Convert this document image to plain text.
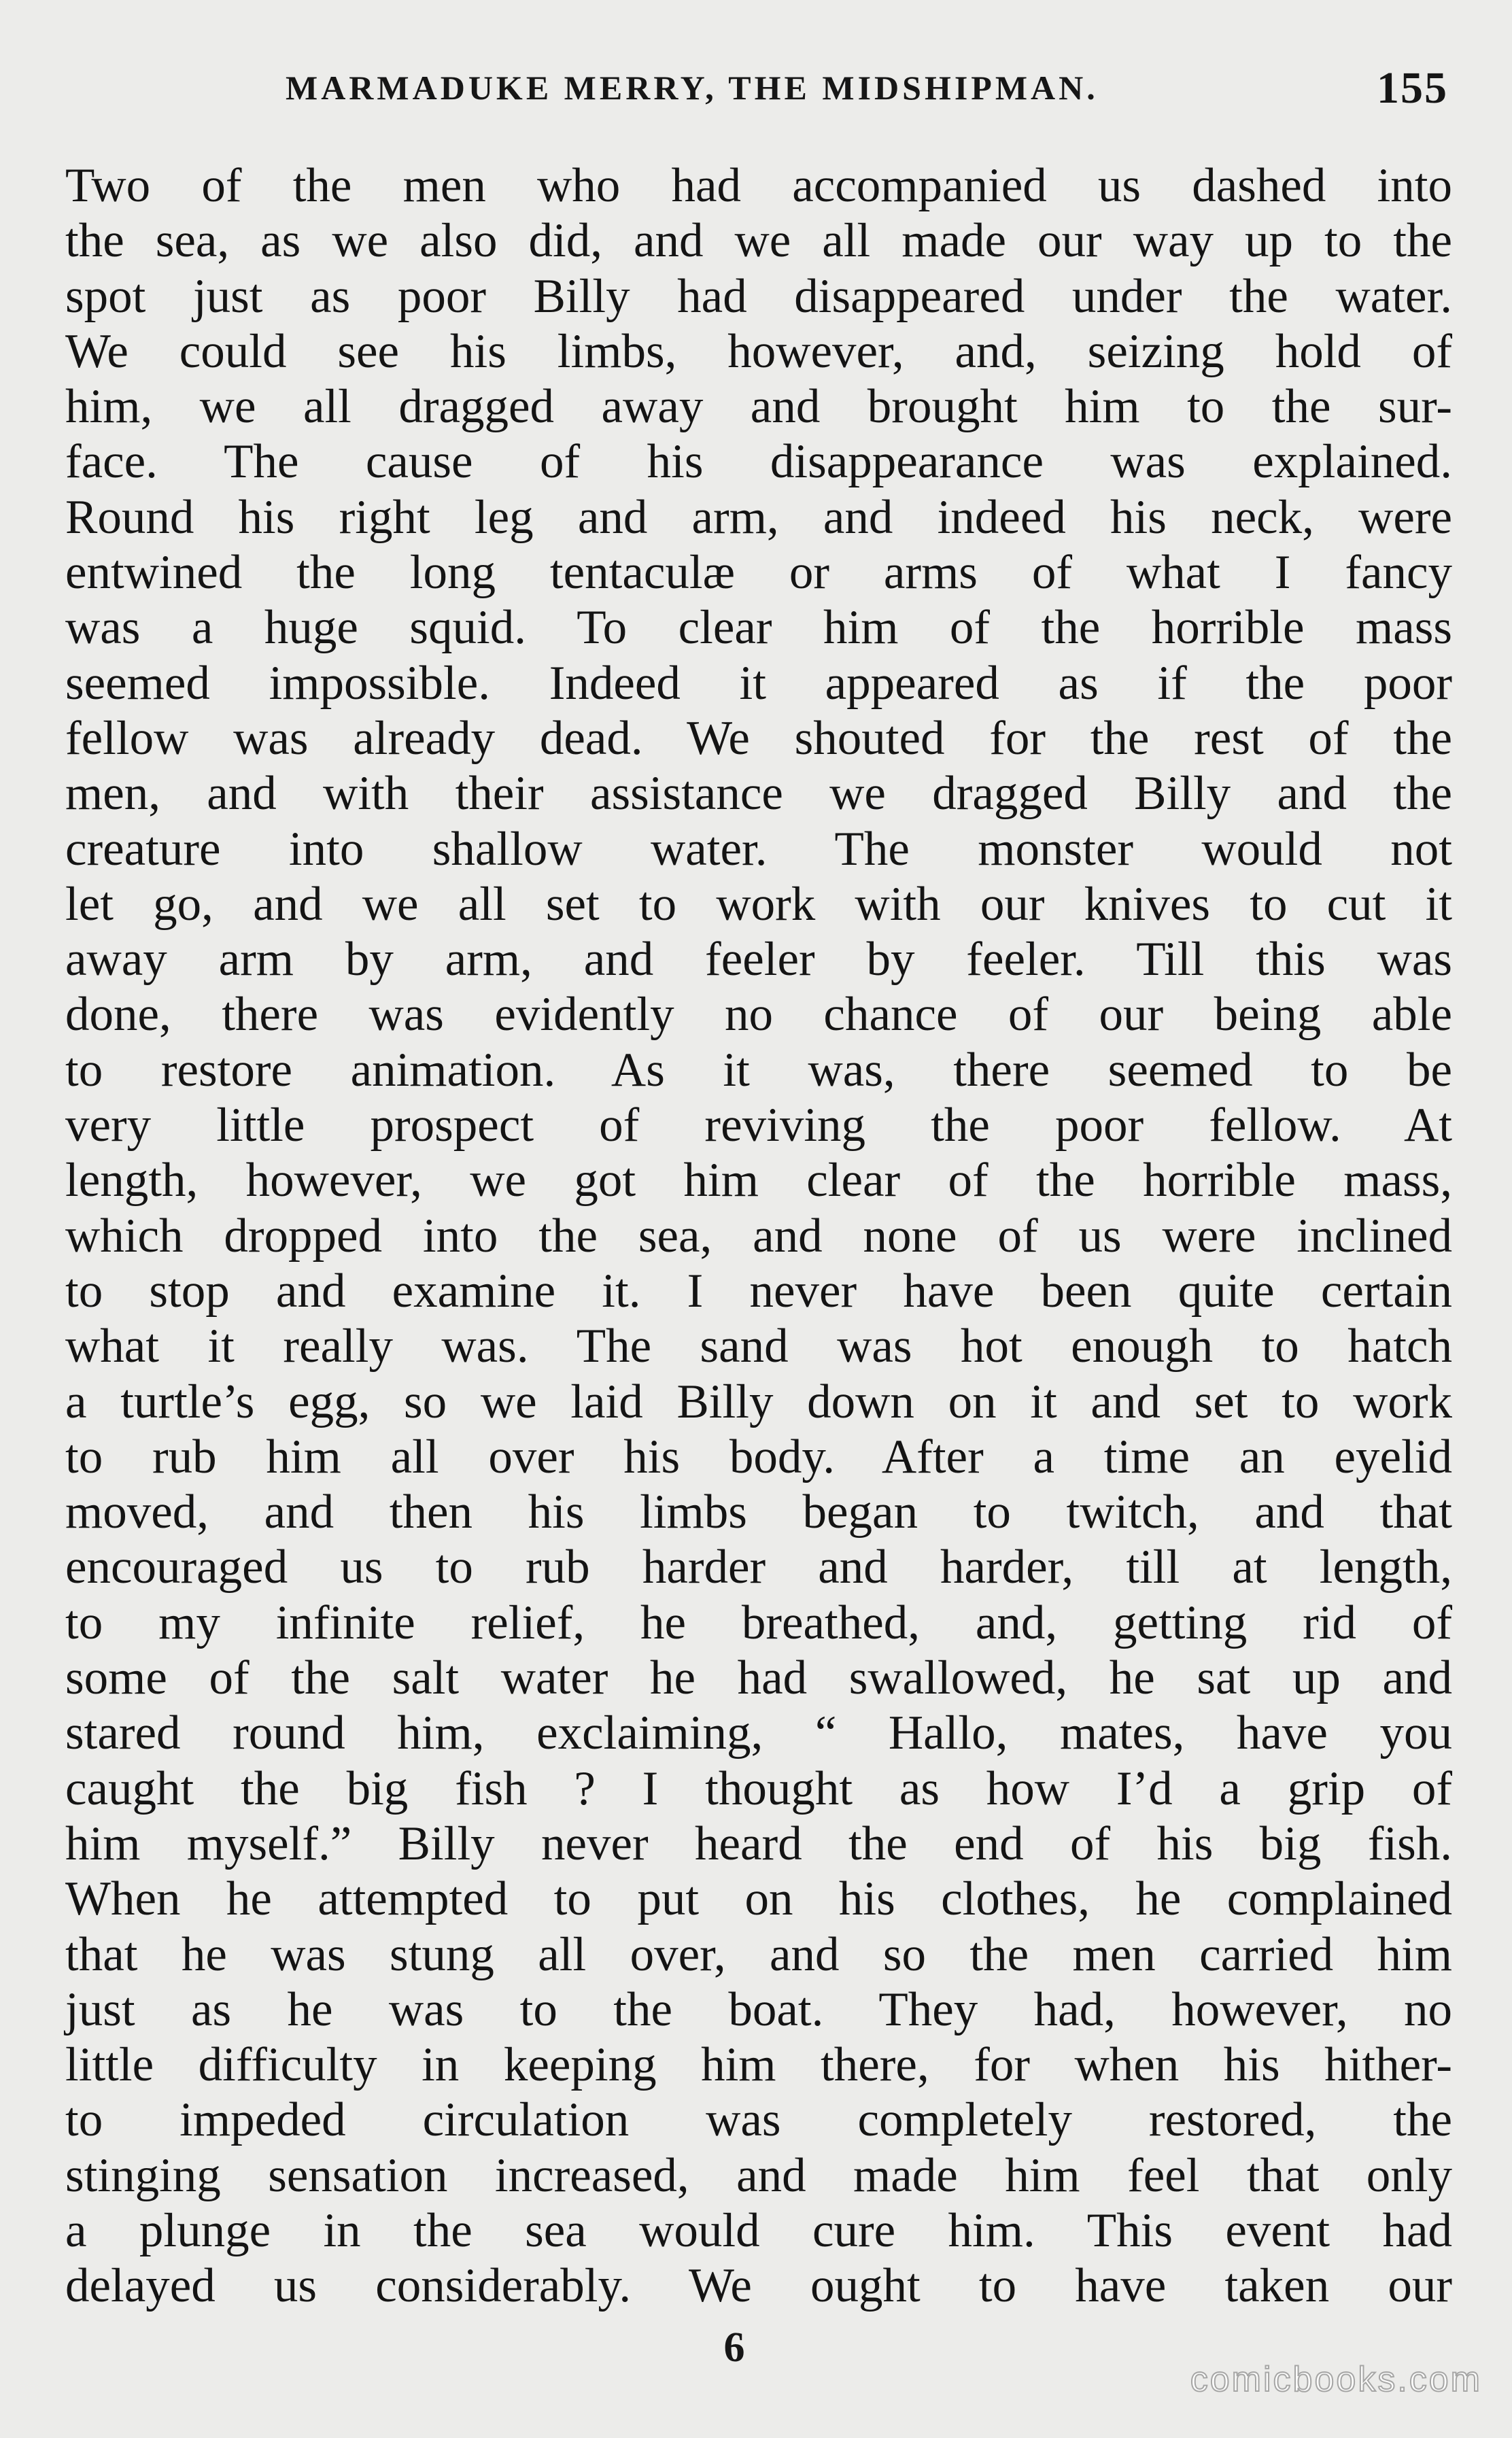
MARMADUKE MERRY, THE MIDSHIPMAN.	155
Two of the men who had accompanied us dashed into
the sea, as we also did, and we all made our way up to the
spot just as poor Billy had disappeared under the water.
We could see his limbs, however, and, seizing hold of
him, we all dragged away and brought him to the sur-
face. The cause of his disappearance was explained.
Round his right leg and arm, and indeed his neck, were
entwined the long tentaculæ or arms of what I fancy
was a huge squid. To clear him of the horrible mass
seemed impossible. Indeed it appeared as if the poor
fellow was already dead. We shouted for the rest of the
men, and with their assistance we dragged Billy and the
creature into shallow water. The monster would not
let go, and we all set to work with our knives to cut it
away arm by arm, and feeler by feeler. Till this was
done, there was evidently no chance of our being able
to restore animation. As it was, there seemed to be
very little prospect of reviving the poor fellow. At
length, however, we got him clear of the horrible mass,
which dropped into the sea, and none of us were inclined
to stop and examine it. I never have been quite certain
what it really was. The sand was hot enough to hatch
a turtle’s egg, so we laid Billy down on it and set to work
to rub him all over his body. After a time an eyelid
moved, and then his limbs began to twitch, and that
encouraged us to rub harder and harder, till at length,
to my infinite relief, he breathed, and, getting rid of
some of the salt water he had swallowed, he sat up and
stared round him, exclaiming, “ Hallo, mates, have you
caught the big fish ? I thought as how I’d a grip of
him myself.” Billy never heard the end of his big fish.
When he attempted to put on his clothes, he complained
that he was stung all over, and so the men carried him
just as he was to the boat. They had, however, no
little difficulty in keeping him there, for when his hither-
to impeded circulation was completely restored, the
stinging sensation increased, and made him feel that only
a plunge in the sea would cure him. This event had
delayed us considerably. We ought to have taken our
6
comicbooks.com
